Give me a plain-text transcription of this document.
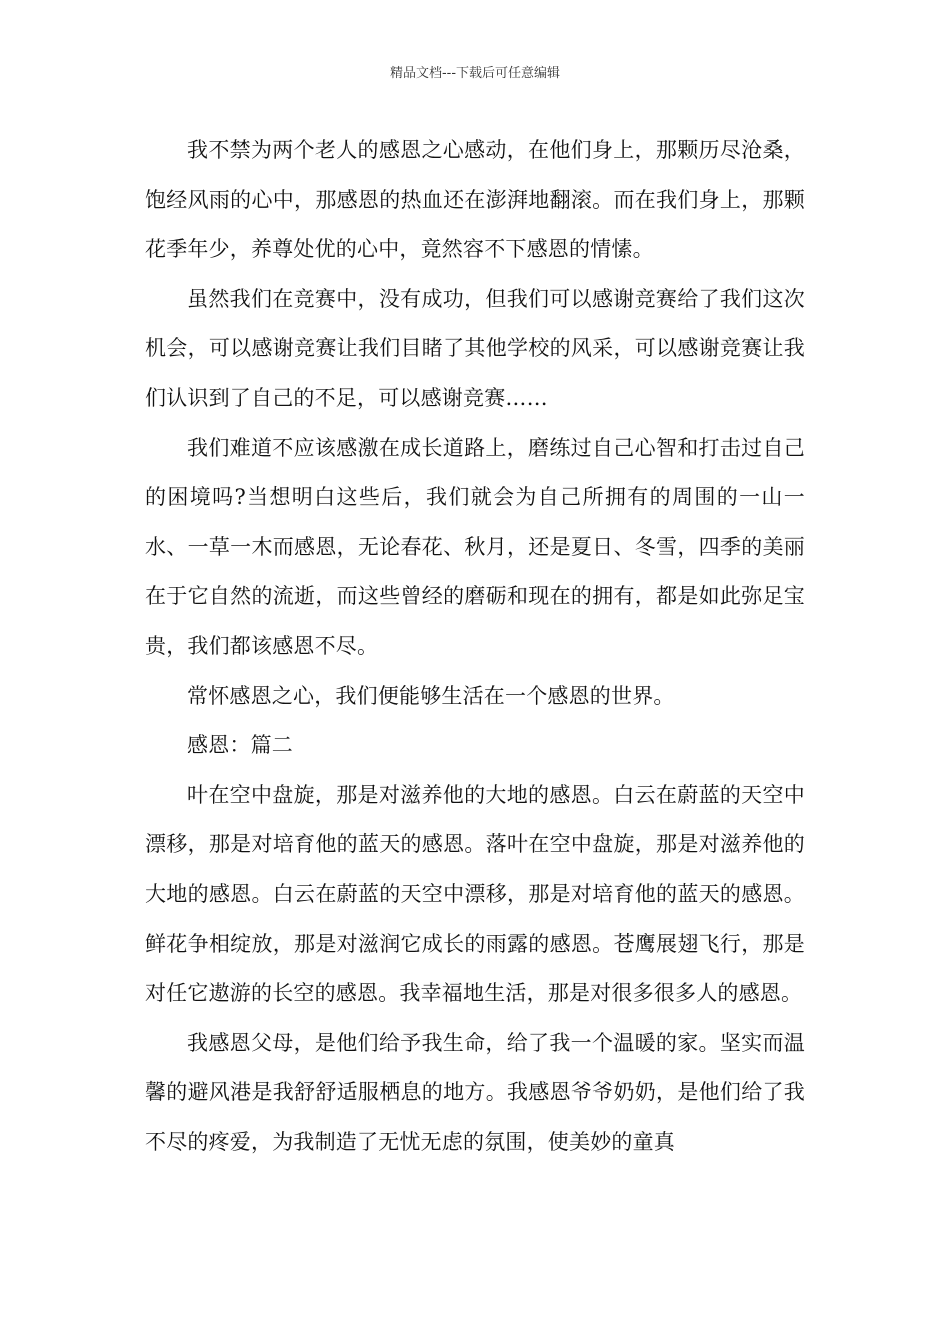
精品文档---下载后可任意编辑

我不禁为两个老人的感恩之心感动，在他们身上，那颗历尽沧桑，饱经风雨的心中，那感恩的热血还在澎湃地翻滚。而在我们身上，那颗花季年少，养尊处优的心中，竟然容不下感恩的情愫。

虽然我们在竞赛中，没有成功，但我们可以感谢竞赛给了我们这次机会，可以感谢竞赛让我们目睹了其他学校的风采，可以感谢竞赛让我们认识到了自己的不足，可以感谢竞赛……

我们难道不应该感激在成长道路上，磨练过自己心智和打击过自己的困境吗?当想明白这些后，我们就会为自己所拥有的周围的一山一水、一草一木而感恩，无论春花、秋月，还是夏日、冬雪，四季的美丽在于它自然的流逝，而这些曾经的磨砺和现在的拥有，都是如此弥足宝贵，我们都该感恩不尽。

常怀感恩之心，我们便能够生活在一个感恩的世界。

感恩：篇二

叶在空中盘旋，那是对滋养他的大地的感恩。白云在蔚蓝的天空中漂移，那是对培育他的蓝天的感恩。落叶在空中盘旋，那是对滋养他的大地的感恩。白云在蔚蓝的天空中漂移，那是对培育他的蓝天的感恩。鲜花争相绽放，那是对滋润它成长的雨露的感恩。苍鹰展翅飞行，那是对任它遨游的长空的感恩。我幸福地生活，那是对很多很多人的感恩。

我感恩父母，是他们给予我生命，给了我一个温暖的家。坚实而温馨的避风港是我舒舒适服栖息的地方。我感恩爷爷奶奶，是他们给了我不尽的疼爱，为我制造了无忧无虑的氛围，使美妙的童真
